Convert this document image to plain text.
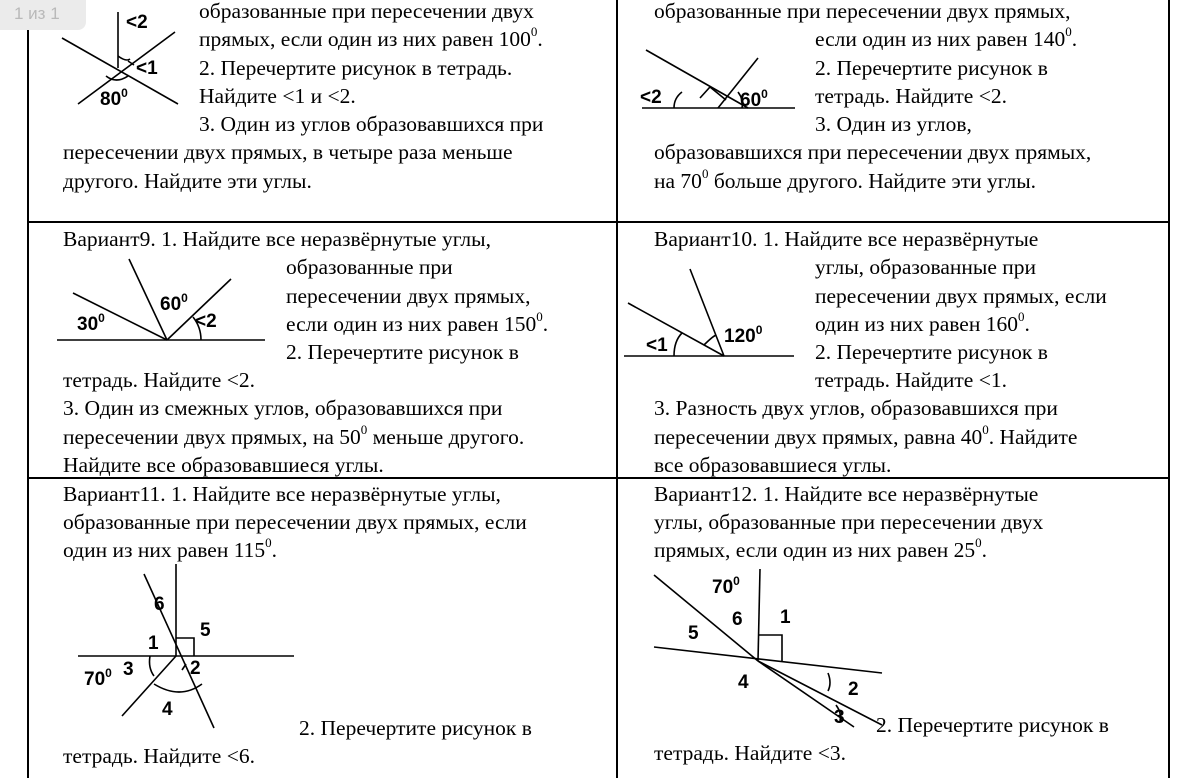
1 из 1	образованные при пересечении двух

прямых, если один из них равен $100^0$.

2. Перечертите рисунок в тетрадь.

Найдите <1 и <2.

3. Один из углов образовавшихся при

пересечении двух прямых, в четыре раза меньше

другого. Найдите эти углы.

<2
<1
$80^0$

образованные при пересечении двух прямых,

если один из них равен $140^0$.

2. Перечертите рисунок в

тетрадь. Найдите <2.

3. Один из углов,

образовавшихся при пересечении двух прямых,

на $70^0$ больше другого. Найдите эти углы.

<2	$60^0$

Вариант9. 1. Найдите все неразвёрнутые углы,

образованные при

пересечении двух прямых,

если один из них равен $150^0$.

2. Перечертите рисунок в

тетрадь. Найдите <2.

3. Один из смежных углов, образовавшихся при

пересечении двух прямых, на $50^0$ меньше другого.

Найдите все образовавшиеся углы.

$30^0$
$60^0$
<2

Вариант10. 1. Найдите все неразвёрнутые

углы, образованные при

пересечении двух прямых, если

один из них равен $160^0$.

2. Перечертите рисунок в

тетрадь. Найдите <1.

3. Разность двух углов, образовавшихся при

пересечении двух прямых, равна $40^0$. Найдите

все образовавшиеся углы.

<1	$120^0$

Вариант11. 1. Найдите все неразвёрнутые углы,

образованные при пересечении двух прямых, если

один из них равен $115^0$.

2. Перечертите рисунок в

тетрадь. Найдите <6.

6
5
1
2
3
4
$70^0$

Вариант12. 1. Найдите все неразвёрнутые

углы, образованные при пересечении двух

прямых, если один из них равен $25^0$.

2. Перечертите рисунок в

тетрадь. Найдите <3.

$70^0$
6 1
5
4	2
3
